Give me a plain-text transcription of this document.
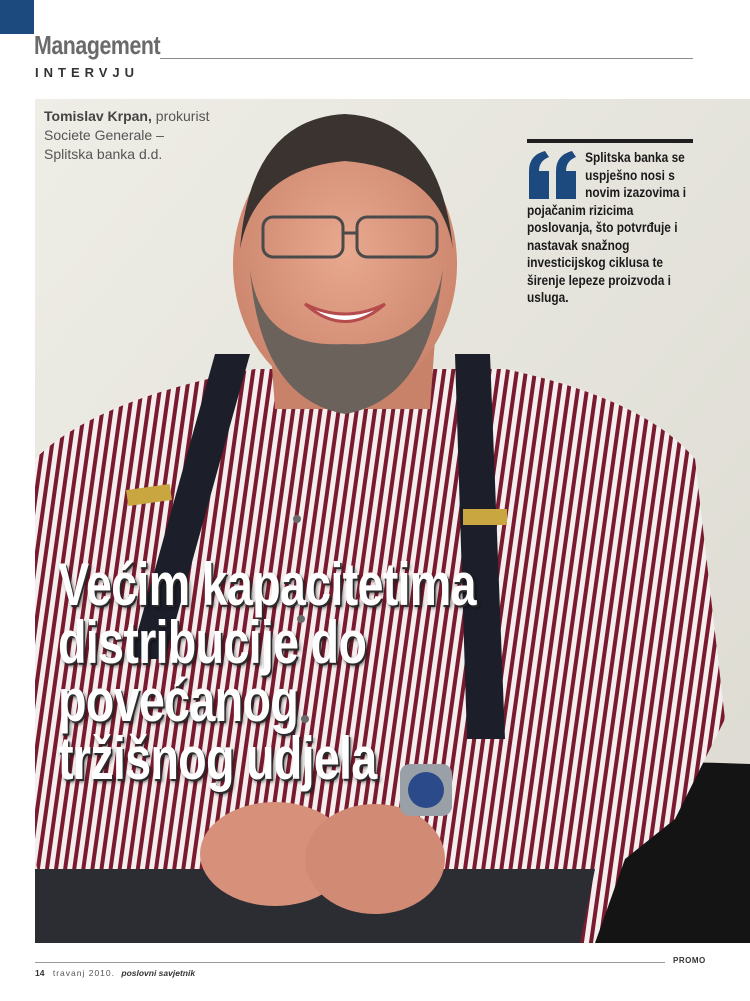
Management
INTERVJU
Tomislav Krpan, prokurist
Societe Generale –
Splitska banka d.d.	Splitska banka se
uspješno nosi s
novim izazovima i
pojačanim rizicima poslovanja, što potvrđuje i nastavak snažnog investicijskog ciklusa te širenje lepeze proizvoda i usluga.
Većim kapacitetima
distribucije do povećanog
tržišnog udjela
PROMO
14 travanj 2010. poslovni savjetnik
